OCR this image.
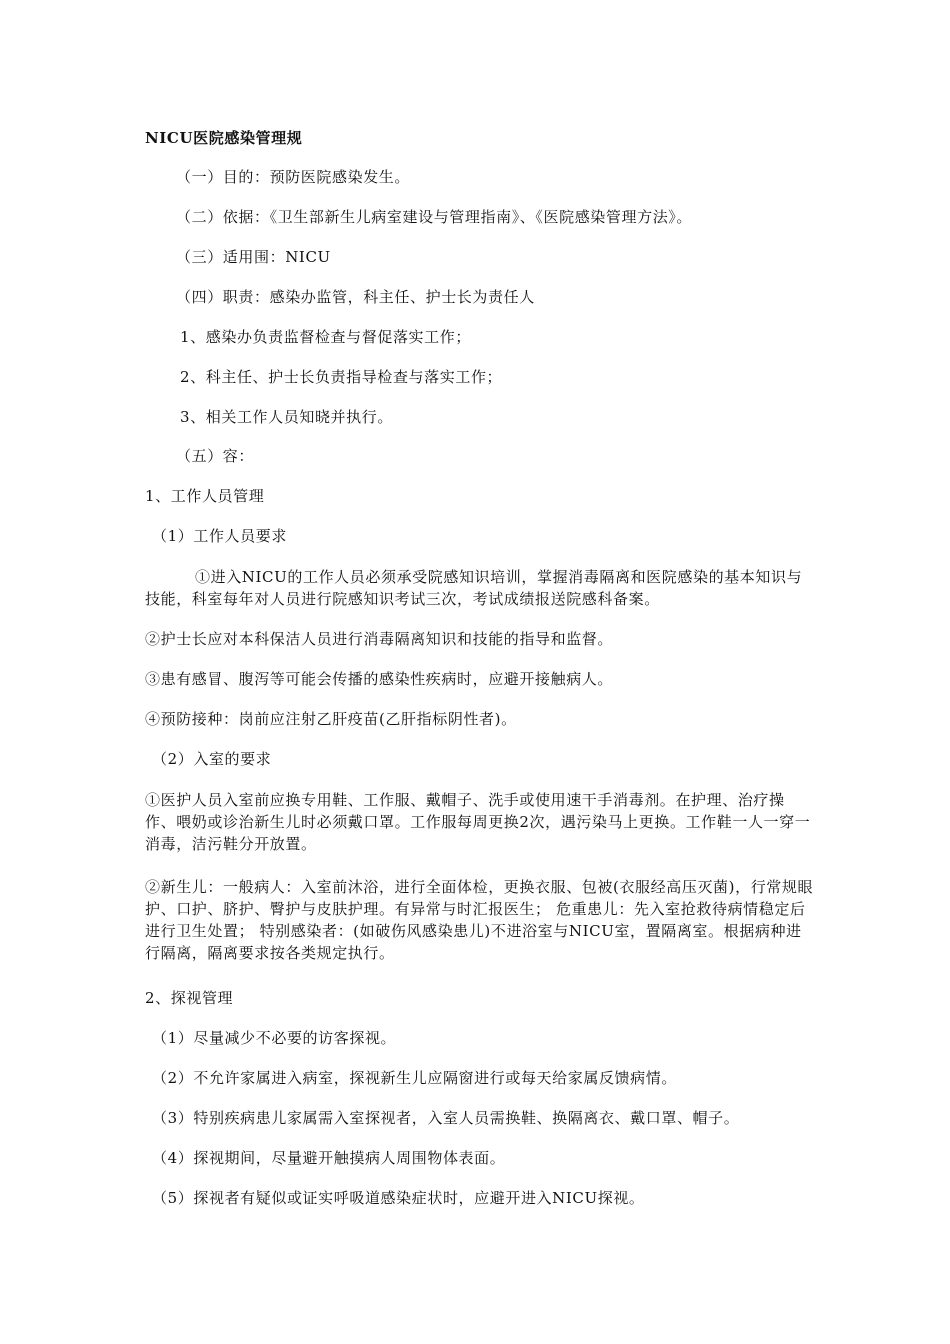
NICU医院感染管理规
（一）目的：预防医院感染发生。
（二）依据：《卫生部新生儿病室建设与管理指南》、《医院感染管理方法》。
（三）适用围：NICU
（四）职责：感染办监管，科主任、护士长为责任人
1、感染办负责监督检查与督促落实工作；
2、科主任、护士长负责指导检查与落实工作；
3、相关工作人员知晓并执行。
（五）容：
1、工作人员管理
（1）工作人员要求
①进入NICU的工作人员必须承受院感知识培训，掌握消毒隔离和医院感染的基本知识与技能，科室每年对人员进行院感知识考试三次，考试成绩报送院感科备案。
②护士长应对本科保洁人员进行消毒隔离知识和技能的指导和监督。
③患有感冒、腹泻等可能会传播的感染性疾病时，应避开接触病人。
④预防接种：岗前应注射乙肝疫苗(乙肝指标阴性者)。
（2）入室的要求
①医护人员入室前应换专用鞋、工作服、戴帽子、洗手或使用速干手消毒剂。在护理、治疗操作、喂奶或诊治新生儿时必须戴口罩。工作服每周更换2次，遇污染马上更换。工作鞋一人一穿一消毒，洁污鞋分开放置。
②新生儿：一般病人：入室前沐浴，进行全面体检，更换衣服、包被(衣服经高压灭菌)，行常规眼护、口护、脐护、臀护与皮肤护理。有异常与时汇报医生； 危重患儿：先入室抢救待病情稳定后进行卫生处置； 特别感染者：(如破伤风感染患儿)不进浴室与NICU室，置隔离室。根据病种进行隔离，隔离要求按各类规定执行。
2、探视管理
（1）尽量减少不必要的访客探视。
（2）不允许家属进入病室，探视新生儿应隔窗进行或每天给家属反馈病情。
（3）特别疾病患儿家属需入室探视者，入室人员需换鞋、换隔离衣、戴口罩、帽子。
（4）探视期间，尽量避开触摸病人周围物体表面。
（5）探视者有疑似或证实呼吸道感染症状时，应避开进入NICU探视。
